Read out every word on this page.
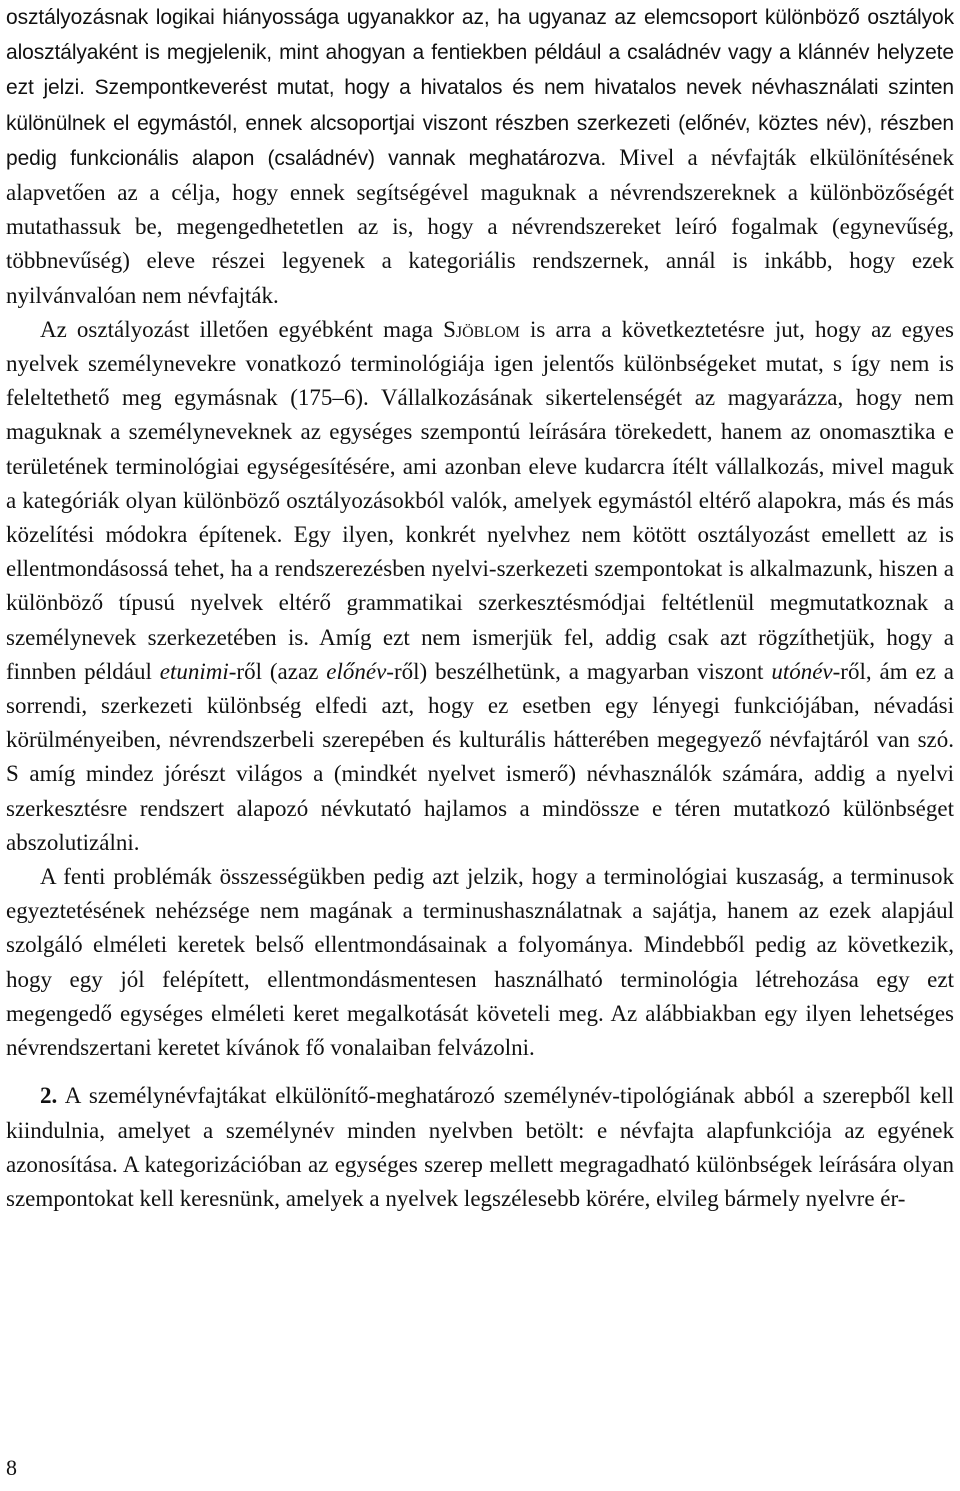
osztályozásnak logikai hiányossága ugyanakkor az, ha ugyanaz az elemcsoport különböző osztályok alosztályaként is megjelenik, mint ahogyan a fentiekben például a családnév vagy a klánnév helyzete ezt jelzi. Szempontkeverést mutat, hogy a hivatalos és nem hivatalos nevek névhasználati szinten különülnek el egymástól, ennek alcsoportjai viszont részben szerkezeti (előnév, köztes név), részben pedig funkcionális alapon (családnév) vannak meghatározva. Mivel a névfajták elkülönítésének alapvetően az a célja, hogy ennek segítségével maguknak a névrendszereknek a különbözőségét mutathassuk be, megengedhetetlen az is, hogy a névrendszereket leíró fogalmak (egynevűség, többnevűség) eleve részei legyenek a kategoriális rendszernek, annál is inkább, hogy ezek nyilvánvalóan nem névfajták.

Az osztályozást illetően egyébként maga Sjöblom is arra a következtetésre jut, hogy az egyes nyelvek személynevekre vonatkozó terminológiája igen jelentős különbségeket mutat, s így nem is feleltethető meg egymásnak (175–6). Vállalkozásának sikertelenségét az magyarázza, hogy nem maguknak a személyneveknek az egységes szempontú leírására törekedett, hanem az onomasztika e területének terminológiai egységesítésére, ami azonban eleve kudarcra ítélt vállalkozás, mivel maguk a kategóriák olyan különböző osztályozásokból valók, amelyek egymástól eltérő alapokra, más és más közelítési módokra építenek. Egy ilyen, konkrét nyelvhez nem kötött osztályozást emellett az is ellentmondásossá tehet, ha a rendszerezésben nyelvi-szerkezeti szempontokat is alkalmazunk, hiszen a különböző típusú nyelvek eltérő grammatikai szerkesztésmódjai feltétlenül megmutatkoznak a személynevek szerkezetében is. Amíg ezt nem ismerjük fel, addig csak azt rögzíthetjük, hogy a finnben például etunimi-ről (azaz előnév-ről) beszélhetünk, a magyarban viszont utónév-ről, ám ez a sorrendi, szerkezeti különbség elfedi azt, hogy ez esetben egy lényegi funkciójában, névadási körülményeiben, névrendszerbeli szerepében és kulturális hátterében megegyező névfajtáról van szó. S amíg mindez jórészt világos a (mindkét nyelvet ismerő) névhasználók számára, addig a nyelvi szerkesztésre rendszert alapozó névkutató hajlamos a mindössze e téren mutatkozó különbséget abszolutizálni.

A fenti problémák összességükben pedig azt jelzik, hogy a terminológiai kuszaság, a terminusok egyeztetésének nehézsége nem magának a terminushasználatnak a sajátja, hanem az ezek alapjául szolgáló elméleti keretek belső ellentmondásainak a folyománya. Mindebből pedig az következik, hogy egy jól felépített, ellentmondásmentesen használható terminológia létrehozása egy ezt megengedő egységes elméleti keret megalkotását követeli meg. Az alábbiakban egy ilyen lehetséges névrendszertani keretet kívánok fő vonalaiban felvázolni.

2. A személynévfajtákat elkülönítő-meghatározó személynév-tipológiának abból a szerepből kell kiindulnia, amelyet a személynév minden nyelvben betölt: e névfajta alapfunkciója az egyének azonosítása. A kategorizációban az egységes szerep mellett megragadható különbségek leírására olyan szempontokat kell keresnünk, amelyek a nyelvek legszélesebb körére, elvileg bármely nyelvre ér-

8
